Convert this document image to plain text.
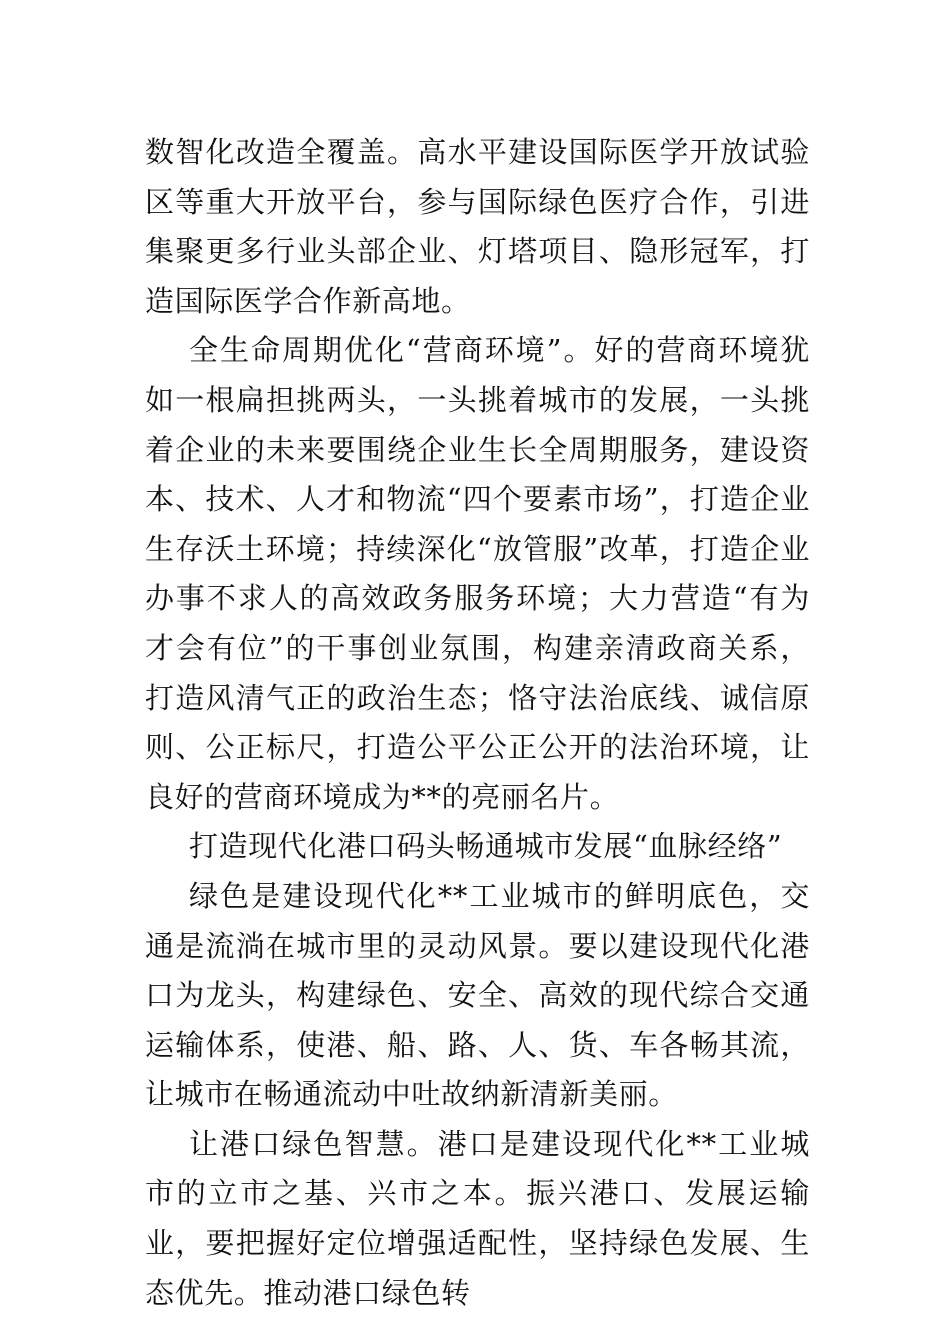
数智化改造全覆盖。高水平建设国际医学开放试验区等重大开放平台，参与国际绿色医疗合作，引进集聚更多行业头部企业、灯塔项目、隐形冠军，打造国际医学合作新高地。

全生命周期优化“营商环境”。好的营商环境犹如一根扁担挑两头，一头挑着城市的发展，一头挑着企业的未来要围绕企业生长全周期服务，建设资本、技术、人才和物流“四个要素市场”，打造企业生存沃土环境；持续深化“放管服”改革，打造企业办事不求人的高效政务服务环境；大力营造“有为才会有位”的干事创业氛围，构建亲清政商关系，打造风清气正的政治生态；恪守法治底线、诚信原则、公正标尺，打造公平公正公开的法治环境，让良好的营商环境成为**的亮丽名片。

打造现代化港口码头畅通城市发展“血脉经络”

绿色是建设现代化**工业城市的鲜明底色，交通是流淌在城市里的灵动风景。要以建设现代化港口为龙头，构建绿色、安全、高效的现代综合交通运输体系，使港、船、路、人、货、车各畅其流，让城市在畅通流动中吐故纳新清新美丽。

让港口绿色智慧。港口是建设现代化**工业城市的立市之基、兴市之本。振兴港口、发展运输业，要把握好定位增强适配性，坚持绿色发展、生态优先。推动港口绿色转
